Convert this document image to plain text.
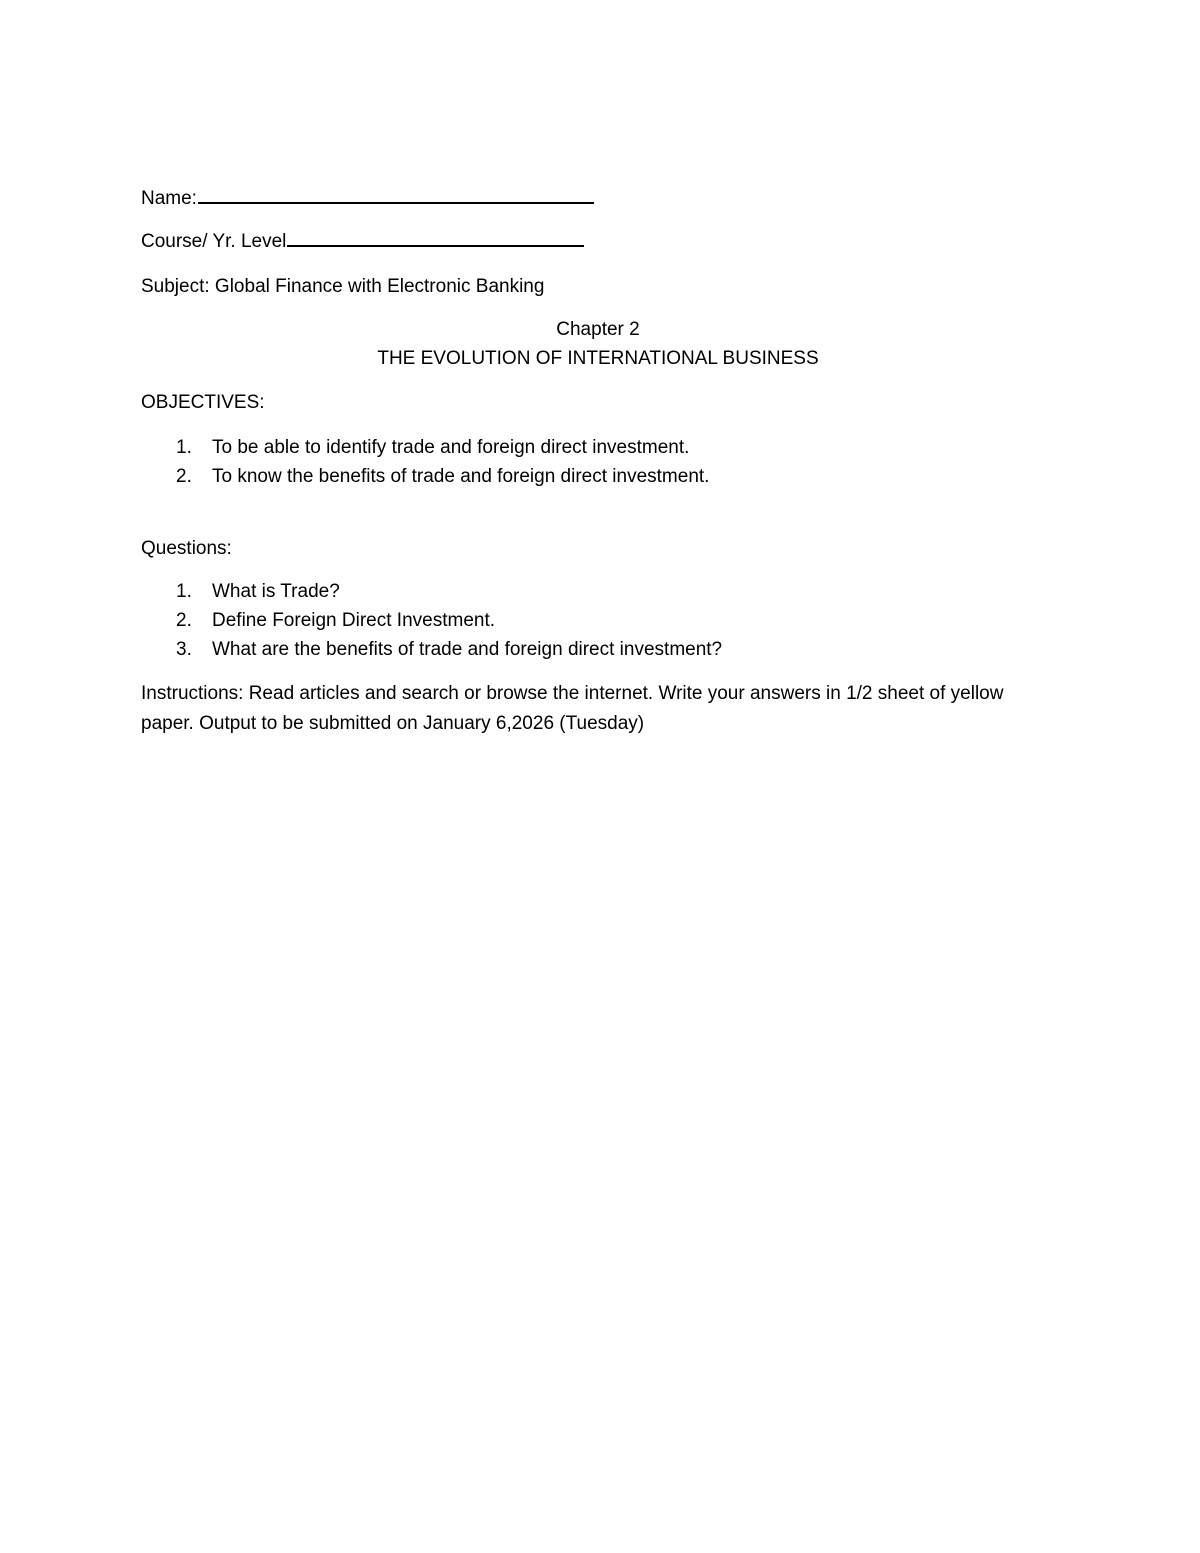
Name:
Course/ Yr. Level
Subject: Global Finance with Electronic Banking
Chapter 2
THE EVOLUTION OF INTERNATIONAL BUSINESS
OBJECTIVES:
1. To be able to identify trade and foreign direct investment.
2. To know the benefits of trade and foreign direct investment.
Questions:
1. What is Trade?
2. Define Foreign Direct Investment.
3. What are the benefits of trade and foreign direct investment?
Instructions: Read articles and search or browse the internet. Write your answers in 1/2 sheet of yellow paper. Output to be submitted on January 6,2026 (Tuesday)
